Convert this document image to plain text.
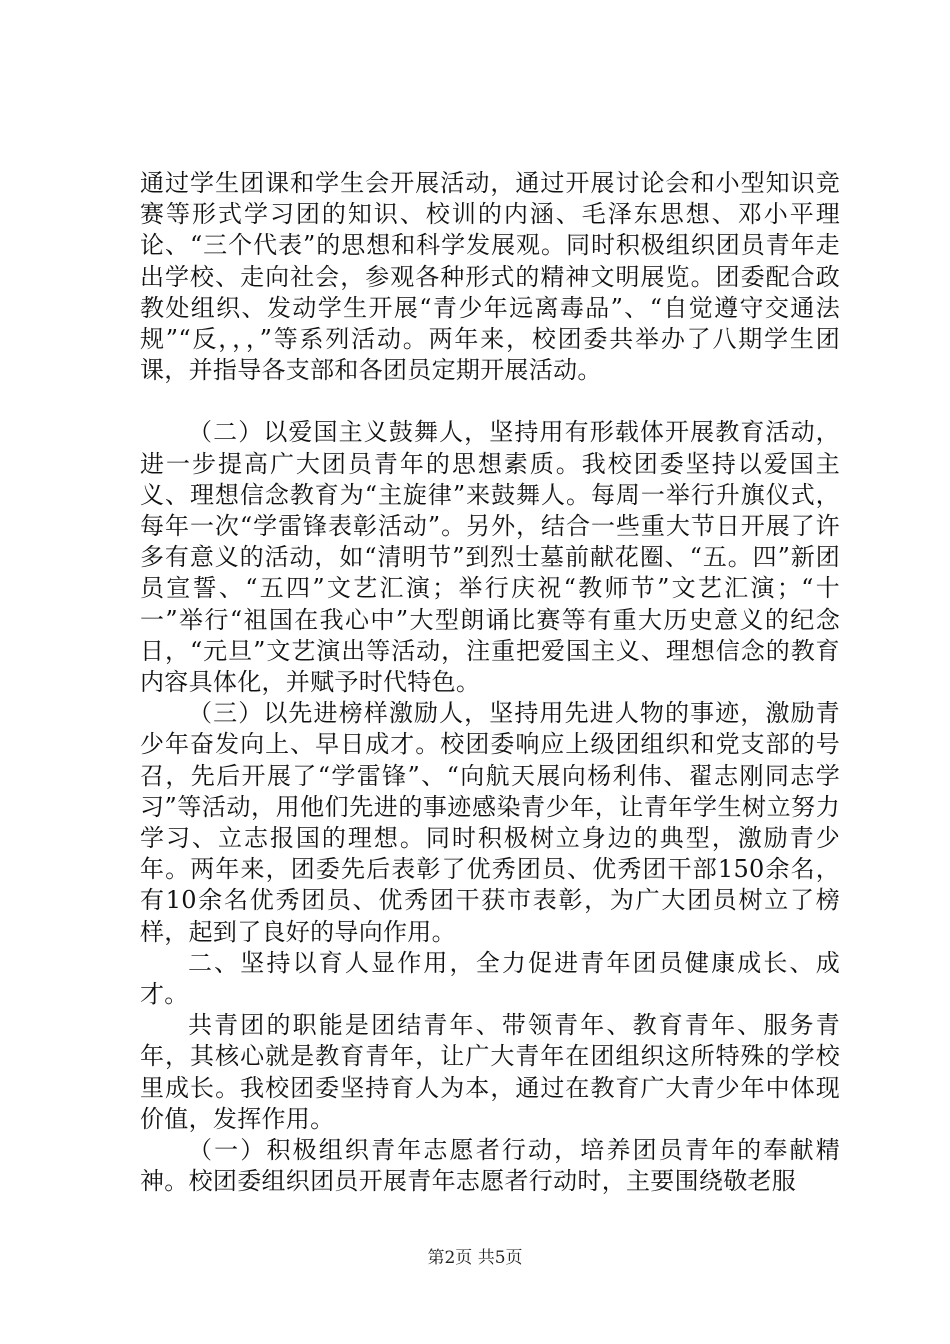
通过学生团课和学生会开展活动，通过开展讨论会和小型知识竞赛等形式学习团的知识、校训的内涵、毛泽东思想、邓小平理论、“三个代表”的思想和科学发展观。同时积极组织团员青年走出学校、走向社会，参观各种形式的精神文明展览。团委配合政教处组织、发动学生开展“青少年远离毒品”、“自觉遵守交通法规”“反，，，”等系列活动。两年来，校团委共举办了八期学生团课，并指导各支部和各团员定期开展活动。

（二）以爱国主义鼓舞人，坚持用有形载体开展教育活动，进一步提高广大团员青年的思想素质。我校团委坚持以爱国主义、理想信念教育为“主旋律”来鼓舞人。每周一举行升旗仪式，每年一次“学雷锋表彰活动”。另外，结合一些重大节日开展了许多有意义的活动，如“清明节”到烈士墓前献花圈、“五。四”新团员宣誓、“五四”文艺汇演；举行庆祝“教师节”文艺汇演；“十一”举行“祖国在我心中”大型朗诵比赛等有重大历史意义的纪念日，“元旦”文艺演出等活动，注重把爱国主义、理想信念的教育内容具体化，并赋予时代特色。

（三）以先进榜样激励人，坚持用先进人物的事迹，激励青少年奋发向上、早日成才。校团委响应上级团组织和党支部的号召，先后开展了“学雷锋”、“向航天展向杨利伟、翟志刚同志学习”等活动，用他们先进的事迹感染青少年，让青年学生树立努力学习、立志报国的理想。同时积极树立身边的典型，激励青少年。两年来，团委先后表彰了优秀团员、优秀团干部150余名，有10余名优秀团员、优秀团干获市表彰，为广大团员树立了榜样，起到了良好的导向作用。

二、坚持以育人显作用，全力促进青年团员健康成长、成才。

共青团的职能是团结青年、带领青年、教育青年、服务青年，其核心就是教育青年，让广大青年在团组织这所特殊的学校里成长。我校团委坚持育人为本，通过在教育广大青少年中体现价值，发挥作用。

（一）积极组织青年志愿者行动，培养团员青年的奉献精神。校团委组织团员开展青年志愿者行动时，主要围绕敬老服

第2页 共5页
